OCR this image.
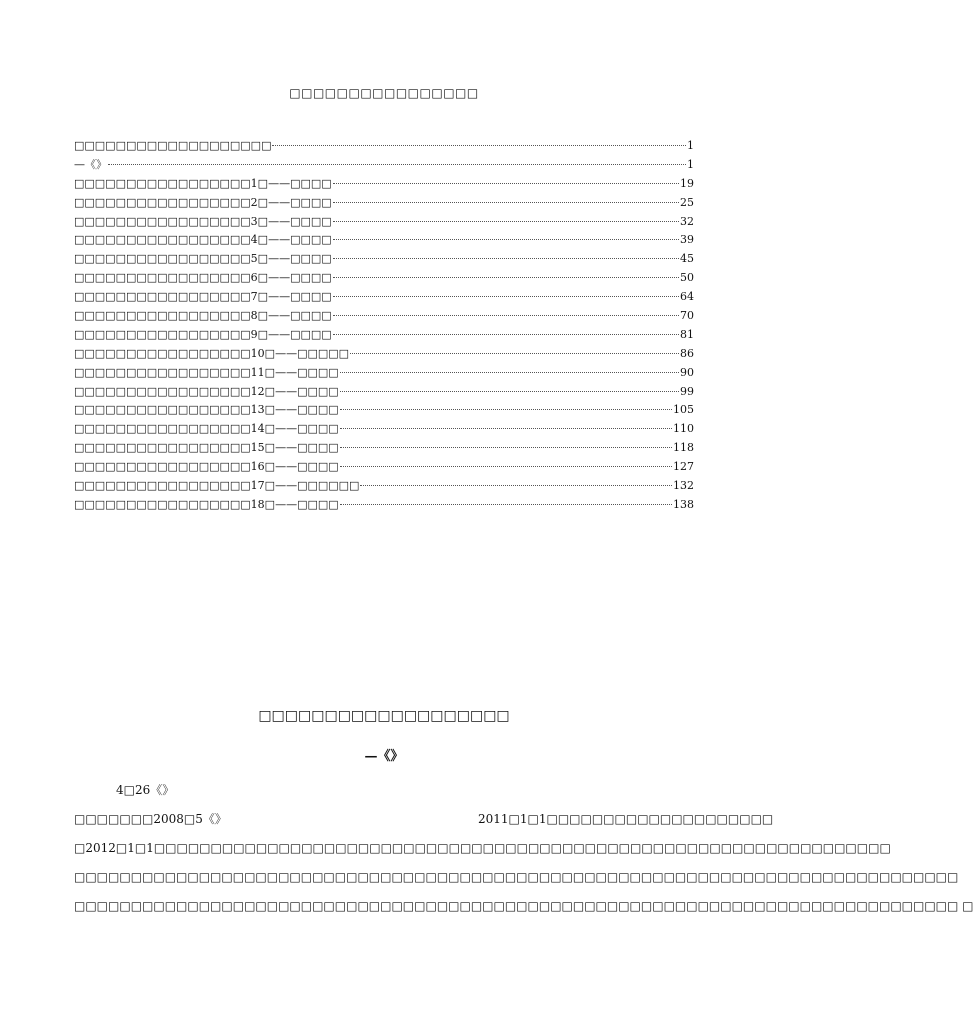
□□□□□□□□□□□□□□□□
□□□□□□□□□□□□□□□□□□□	1
—《》	1
□□□□□□□□□□□□□□□□□1□——□□□□	19
□□□□□□□□□□□□□□□□□2□——□□□□	25
□□□□□□□□□□□□□□□□□3□——□□□□	32
□□□□□□□□□□□□□□□□□4□——□□□□	39
□□□□□□□□□□□□□□□□□5□——□□□□	45
□□□□□□□□□□□□□□□□□6□——□□□□	50
□□□□□□□□□□□□□□□□□7□——□□□□	64
□□□□□□□□□□□□□□□□□8□——□□□□	70
□□□□□□□□□□□□□□□□□9□——□□□□	81
□□□□□□□□□□□□□□□□□10□——□□□□□	86
□□□□□□□□□□□□□□□□□11□——□□□□	90
□□□□□□□□□□□□□□□□□12□——□□□□	99
□□□□□□□□□□□□□□□□□13□——□□□□	105
□□□□□□□□□□□□□□□□□14□——□□□□	110
□□□□□□□□□□□□□□□□□15□——□□□□	118
□□□□□□□□□□□□□□□□□16□——□□□□	127
□□□□□□□□□□□□□□□□□17□——□□□□□□	132
□□□□□□□□□□□□□□□□□18□——□□□□	138
□□□□□□□□□□□□□□□□□□□
—《》
4□26《》
□□□□□□□2008□5《》	2011□1□1□□□□□□□□□□□□□□□□□□□□
□2012□1□1□□□□□□□□□□□□□□□□□□□□□□□□□□□□□□□□□□□□□□□□□□□□□□□□□□□□□□□□□□□□□□□□□
□□□□□□□□□□□□□□□□□□□□□□□□□□□□□□□□□□□□□□□□□□□□□□□□□□□□□□□□□□□□□□□□□□□□□□□□□□□□□□
□□□□□□□□□□□□□□□□□□□□□□□□□□□□□□□□□□□□□□□□□□□□□□□□□□□□□□□□□□□□□□□□□□□□□□□□□□□□□□ □
